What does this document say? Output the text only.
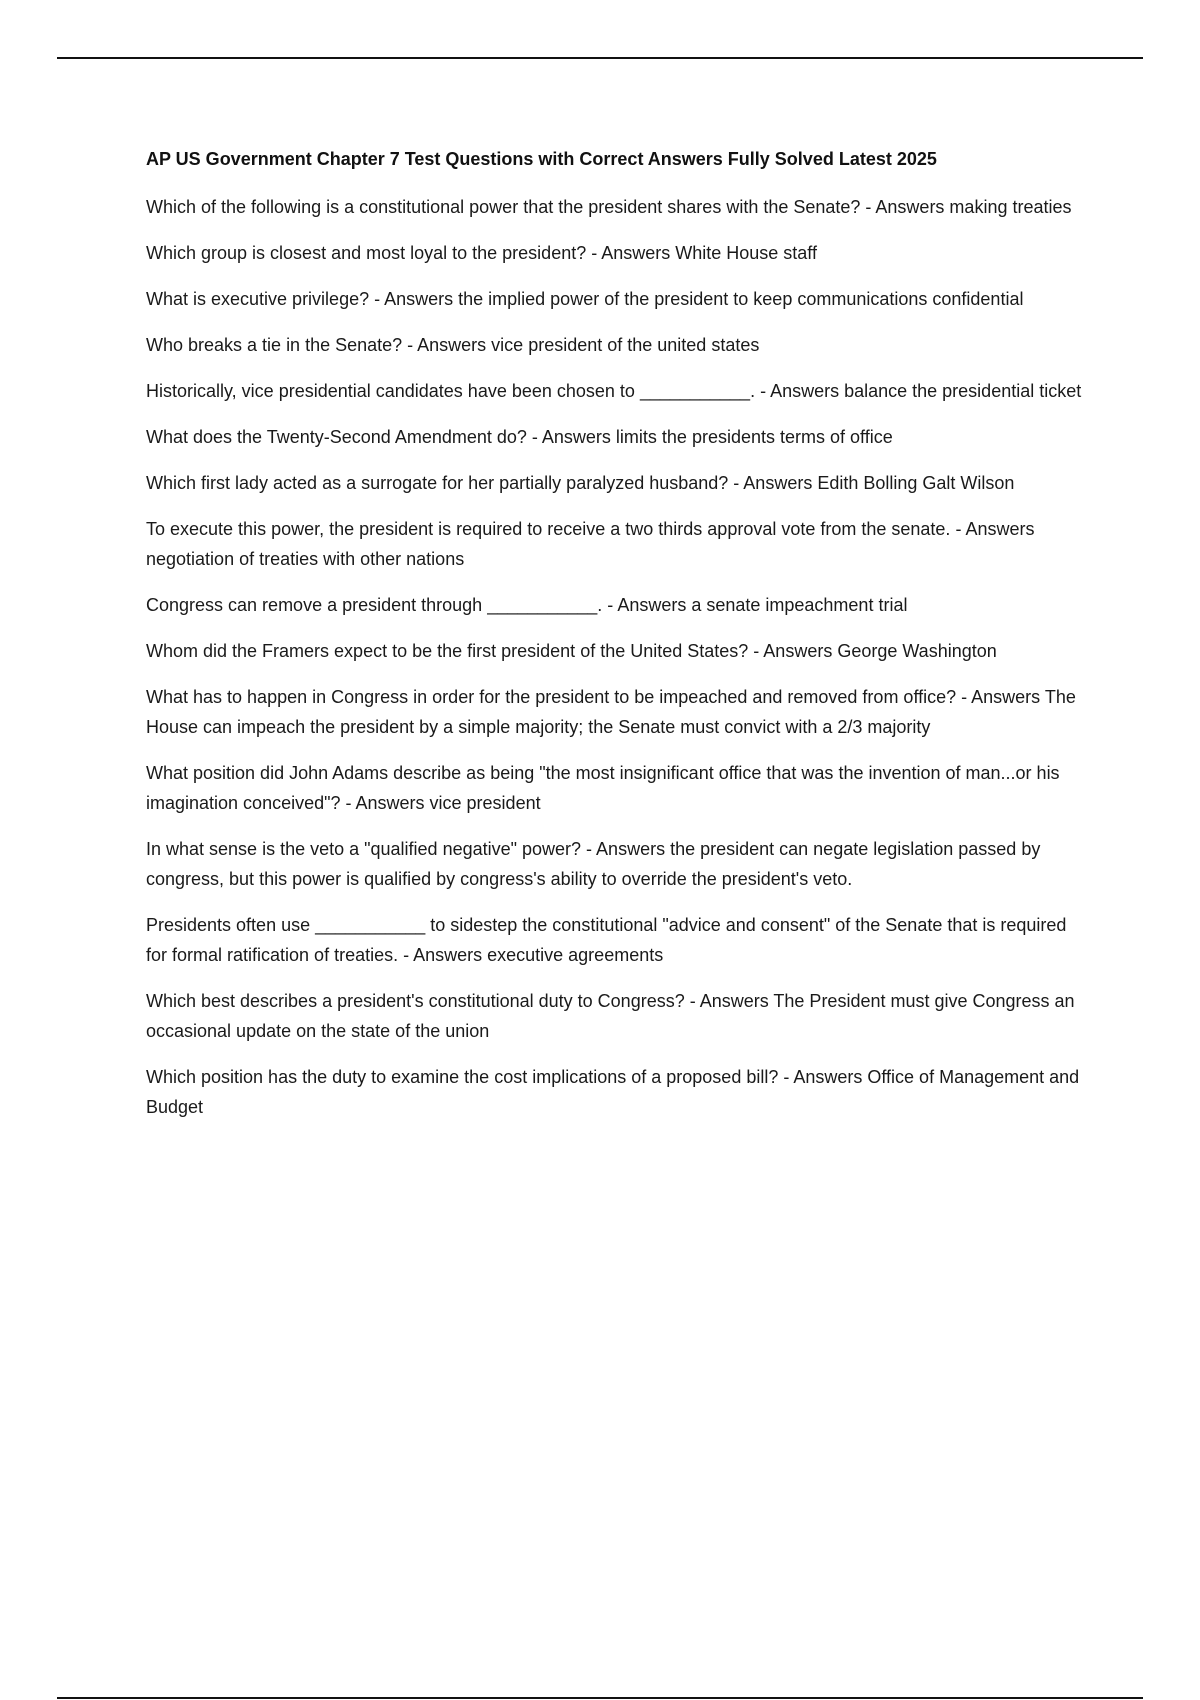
AP US Government Chapter 7 Test Questions with Correct Answers Fully Solved Latest 2025

Which of the following is a constitutional power that the president shares with the Senate? - Answers making treaties

Which group is closest and most loyal to the president? - Answers White House staff

What is executive privilege? - Answers the implied power of the president to keep communications confidential

Who breaks a tie in the Senate? - Answers vice president of the united states

Historically, vice presidential candidates have been chosen to ___________. - Answers balance the presidential ticket

What does the Twenty-Second Amendment do? - Answers limits the presidents terms of office

Which first lady acted as a surrogate for her partially paralyzed husband? - Answers Edith Bolling Galt Wilson

To execute this power, the president is required to receive a two thirds approval vote from the senate. - Answers negotiation of treaties with other nations

Congress can remove a president through ___________. - Answers a senate impeachment trial

Whom did the Framers expect to be the first president of the United States? - Answers George Washington

What has to happen in Congress in order for the president to be impeached and removed from office? - Answers The House can impeach the president by a simple majority; the Senate must convict with a 2/3 majority

What position did John Adams describe as being "the most insignificant office that was the invention of man...or his imagination conceived"? - Answers vice president

In what sense is the veto a "qualified negative" power? - Answers the president can negate legislation passed by congress, but this power is qualified by congress's ability to override the president's veto.

Presidents often use ___________ to sidestep the constitutional "advice and consent" of the Senate that is required for formal ratification of treaties. - Answers executive agreements

Which best describes a president's constitutional duty to Congress? - Answers The President must give Congress an occasional update on the state of the union

Which position has the duty to examine the cost implications of a proposed bill? - Answers Office of Management and Budget
